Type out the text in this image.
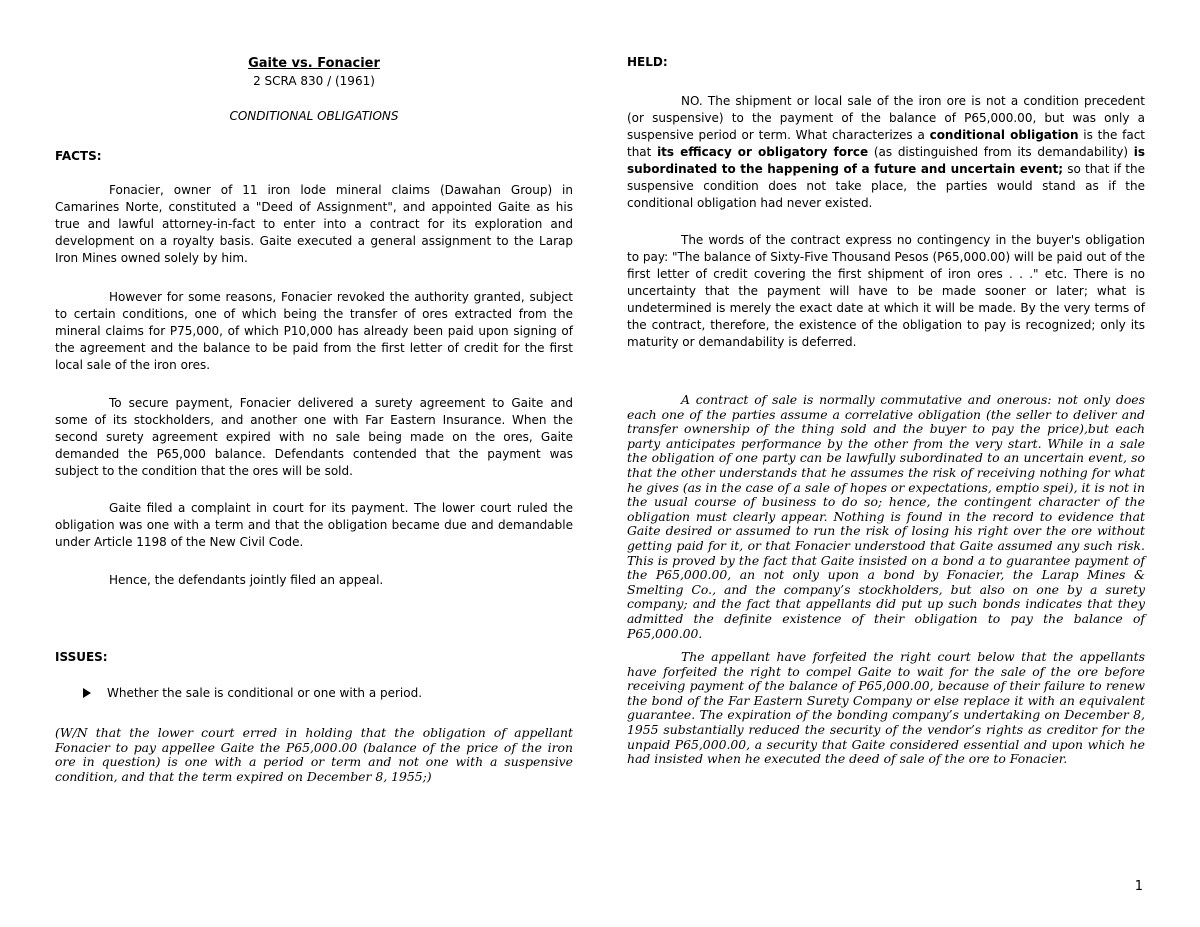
Gaite vs. Fonacier
2 SCRA 830 / (1961)
CONDITIONAL OBLIGATIONS
FACTS:

Fonacier, owner of 11 iron lode mineral claims (Dawahan Group) in Camarines Norte, constituted a "Deed of Assignment", and appointed Gaite as his true and lawful attorney-in-fact to enter into a contract for its exploration and development on a royalty basis. Gaite executed a general assignment to the Larap Iron Mines owned solely by him.

However for some reasons, Fonacier revoked the authority granted, subject to certain conditions, one of which being the transfer of ores extracted from the mineral claims for P75,000, of which P10,000 has already been paid upon signing of the agreement and the balance to be paid from the first letter of credit for the first local sale of the iron ores.

To secure payment, Fonacier delivered a surety agreement to Gaite and some of its stockholders, and another one with Far Eastern Insurance. When the second surety agreement expired with no sale being made on the ores, Gaite demanded the P65,000 balance. Defendants contended that the payment was subject to the condition that the ores will be sold.

Gaite filed a complaint in court for its payment. The lower court ruled the obligation was one with a term and that the obligation became due and demandable under Article 1198 of the New Civil Code.

Hence, the defendants jointly filed an appeal.

ISSUES:
Whether the sale is conditional or one with a period.

(W/N that the lower court erred in holding that the obligation of appellant Fonacier to pay appellee Gaite the P65,000.00 (balance of the price of the iron ore in question) is one with a period or term and not one with a suspensive condition, and that the term expired on December 8, 1955;)

HELD:

NO. The shipment or local sale of the iron ore is not a condition precedent (or suspensive) to the payment of the balance of P65,000.00, but was only a suspensive period or term. What characterizes a conditional obligation is the fact that its efficacy or obligatory force (as distinguished from its demandability) is subordinated to the happening of a future and uncertain event; so that if the suspensive condition does not take place, the parties would stand as if the conditional obligation had never existed.

The words of the contract express no contingency in the buyer's obligation to pay: "The balance of Sixty-Five Thousand Pesos (P65,000.00) will be paid out of the first letter of credit covering the first shipment of iron ores . . ." etc. There is no uncertainty that the payment will have to be made sooner or later; what is undetermined is merely the exact date at which it will be made. By the very terms of the contract, therefore, the existence of the obligation to pay is recognized; only its maturity or demandability is deferred.

A contract of sale is normally commutative and onerous: not only does each one of the parties assume a correlative obligation (the seller to deliver and transfer ownership of the thing sold and the buyer to pay the price),but each party anticipates performance by the other from the very start. While in a sale the obligation of one party can be lawfully subordinated to an uncertain event, so that the other understands that he assumes the risk of receiving nothing for what he gives (as in the case of a sale of hopes or expectations, emptio spei), it is not in the usual course of business to do so; hence, the contingent character of the obligation must clearly appear. Nothing is found in the record to evidence that Gaite desired or assumed to run the risk of losing his right over the ore without getting paid for it, or that Fonacier understood that Gaite assumed any such risk. This is proved by the fact that Gaite insisted on a bond a to guarantee payment of the P65,000.00, an not only upon a bond by Fonacier, the Larap Mines & Smelting Co., and the company’s stockholders, but also on one by a surety company; and the fact that appellants did put up such bonds indicates that they admitted the definite existence of their obligation to pay the balance of P65,000.00.

The appellant have forfeited the right court below that the appellants have forfeited the right to compel Gaite to wait for the sale of the ore before receiving payment of the balance of P65,000.00, because of their failure to renew the bond of the Far Eastern Surety Company or else replace it with an equivalent guarantee. The expiration of the bonding company’s undertaking on December 8, 1955 substantially reduced the security of the vendor’s rights as creditor for the unpaid P65,000.00, a security that Gaite considered essential and upon which he had insisted when he executed the deed of sale of the ore to Fonacier.

1
